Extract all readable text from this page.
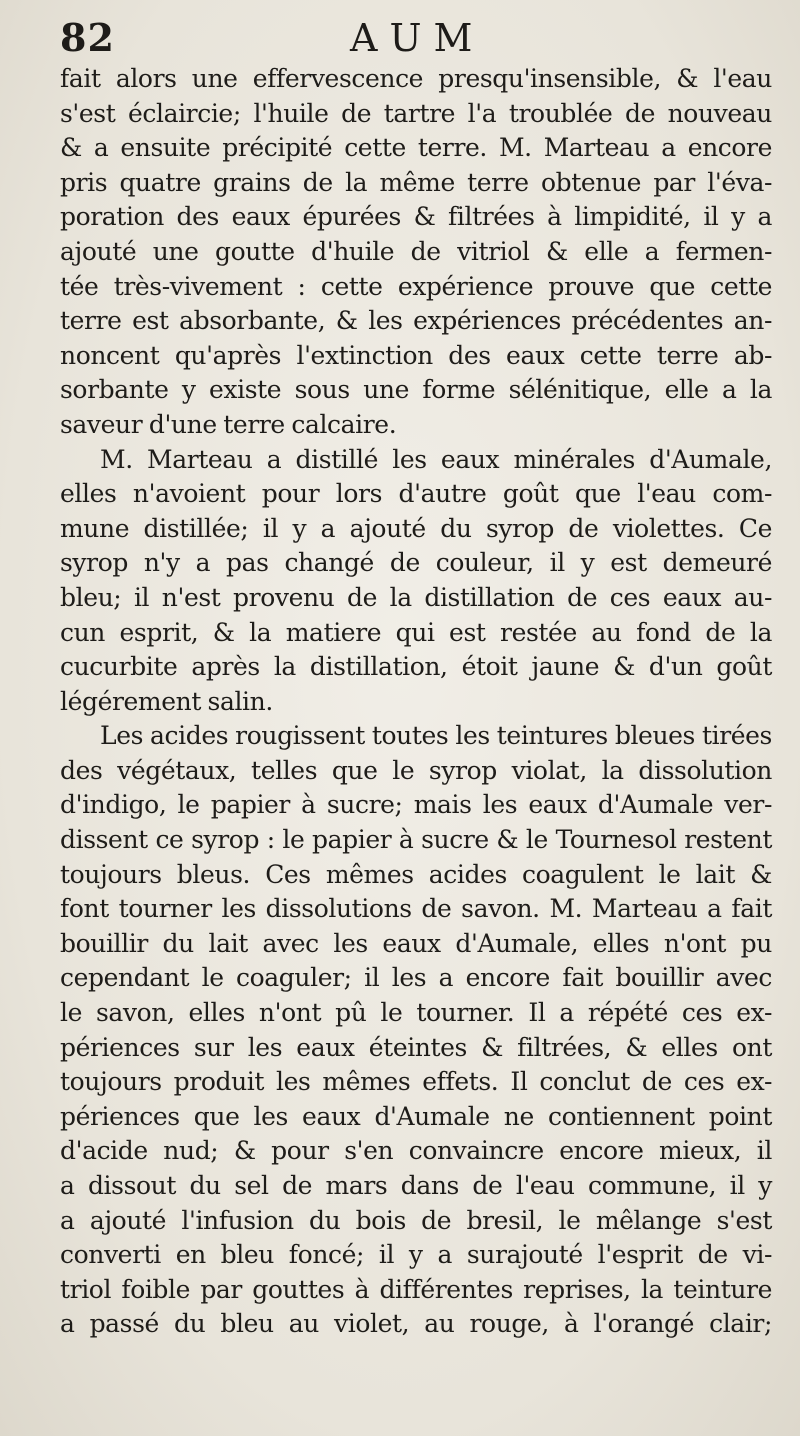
82	AUM
fait alors une effervescence presqu'insensible, & l'eau
s'est éclaircie; l'huile de tartre l'a troublée de nouveau
& a ensuite précipité cette terre. M. Marteau a encore
pris quatre grains de la même terre obtenue par l'éva-
poration des eaux épurées & filtrées à limpidité, il y a
ajouté une goutte d'huile de vitriol & elle a fermen-
tée très-vivement : cette expérience prouve que cette
terre est absorbante, & les expériences précédentes an-
noncent qu'après l'extinction des eaux cette terre ab-
sorbante y existe sous une forme sélénitique, elle a la
saveur d'une terre calcaire.
M. Marteau a distillé les eaux minérales d'Aumale,
elles n'avoient pour lors d'autre goût que l'eau com-
mune distillée; il y a ajouté du syrop de violettes. Ce
syrop n'y a pas changé de couleur, il y est demeuré
bleu; il n'est provenu de la distillation de ces eaux au-
cun esprit, & la matiere qui est restée au fond de la
cucurbite après la distillation, étoit jaune & d'un goût
légérement salin.
Les acides rougissent toutes les teintures bleues tirées
des végétaux, telles que le syrop violat, la dissolution
d'indigo, le papier à sucre; mais les eaux d'Aumale ver-
dissent ce syrop : le papier à sucre & le Tournesol restent
toujours bleus. Ces mêmes acides coagulent le lait &
font tourner les dissolutions de savon. M. Marteau a fait
bouillir du lait avec les eaux d'Aumale, elles n'ont pu
cependant le coaguler; il les a encore fait bouillir avec
le savon, elles n'ont pû le tourner. Il a répété ces ex-
périences sur les eaux éteintes & filtrées, & elles ont
toujours produit les mêmes effets. Il conclut de ces ex-
périences que les eaux d'Aumale ne contiennent point
d'acide nud; & pour s'en convaincre encore mieux, il
a dissout du sel de mars dans de l'eau commune, il y
a ajouté l'infusion du bois de bresil, le mêlange s'est
converti en bleu foncé; il y a surajouté l'esprit de vi-
triol foible par gouttes à différentes reprises, la teinture
a passé du bleu au violet, au rouge, à l'orangé clair;
